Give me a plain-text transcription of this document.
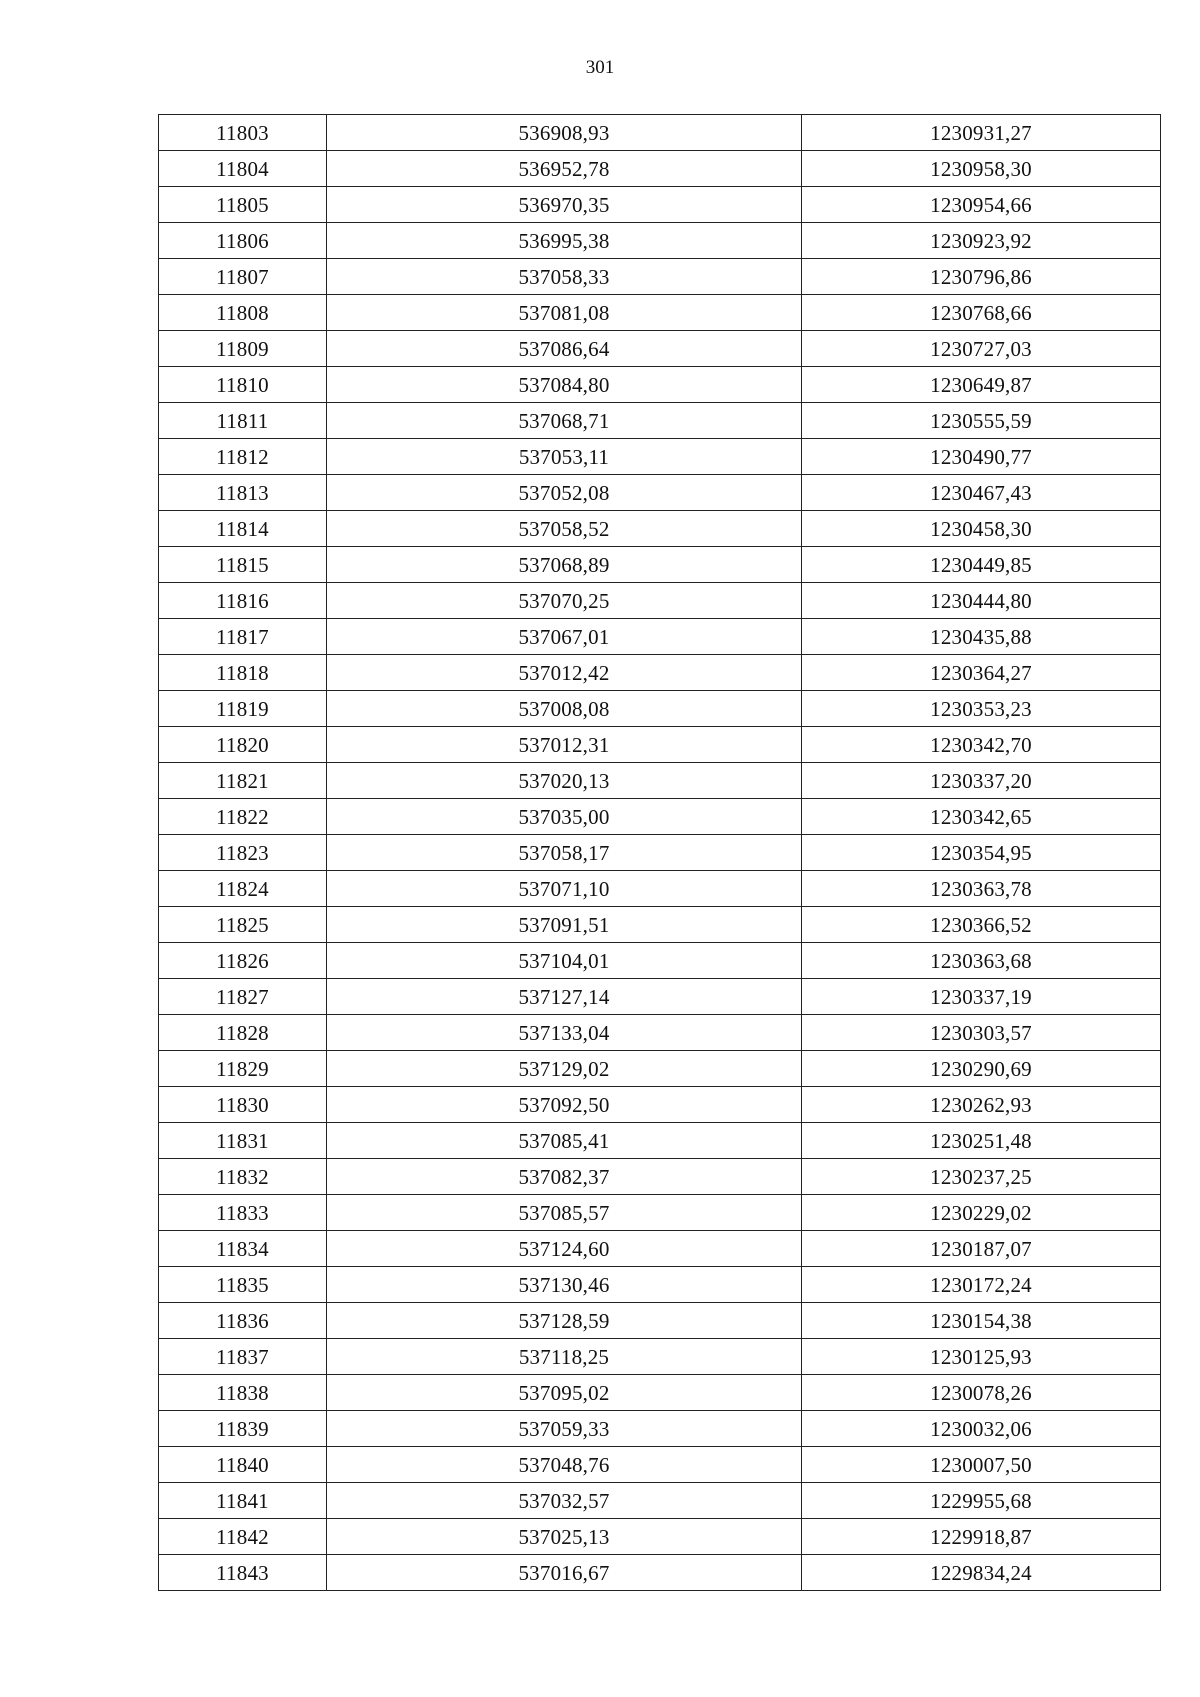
301
11803	536908,93	1230931,27
11804	536952,78	1230958,30
11805	536970,35	1230954,66
11806	536995,38	1230923,92
11807	537058,33	1230796,86
11808	537081,08	1230768,66
11809	537086,64	1230727,03
11810	537084,80	1230649,87
11811	537068,71	1230555,59
11812	537053,11	1230490,77
11813	537052,08	1230467,43
11814	537058,52	1230458,30
11815	537068,89	1230449,85
11816	537070,25	1230444,80
11817	537067,01	1230435,88
11818	537012,42	1230364,27
11819	537008,08	1230353,23
11820	537012,31	1230342,70
11821	537020,13	1230337,20
11822	537035,00	1230342,65
11823	537058,17	1230354,95
11824	537071,10	1230363,78
11825	537091,51	1230366,52
11826	537104,01	1230363,68
11827	537127,14	1230337,19
11828	537133,04	1230303,57
11829	537129,02	1230290,69
11830	537092,50	1230262,93
11831	537085,41	1230251,48
11832	537082,37	1230237,25
11833	537085,57	1230229,02
11834	537124,60	1230187,07
11835	537130,46	1230172,24
11836	537128,59	1230154,38
11837	537118,25	1230125,93
11838	537095,02	1230078,26
11839	537059,33	1230032,06
11840	537048,76	1230007,50
11841	537032,57	1229955,68
11842	537025,13	1229918,87
11843	537016,67	1229834,24
